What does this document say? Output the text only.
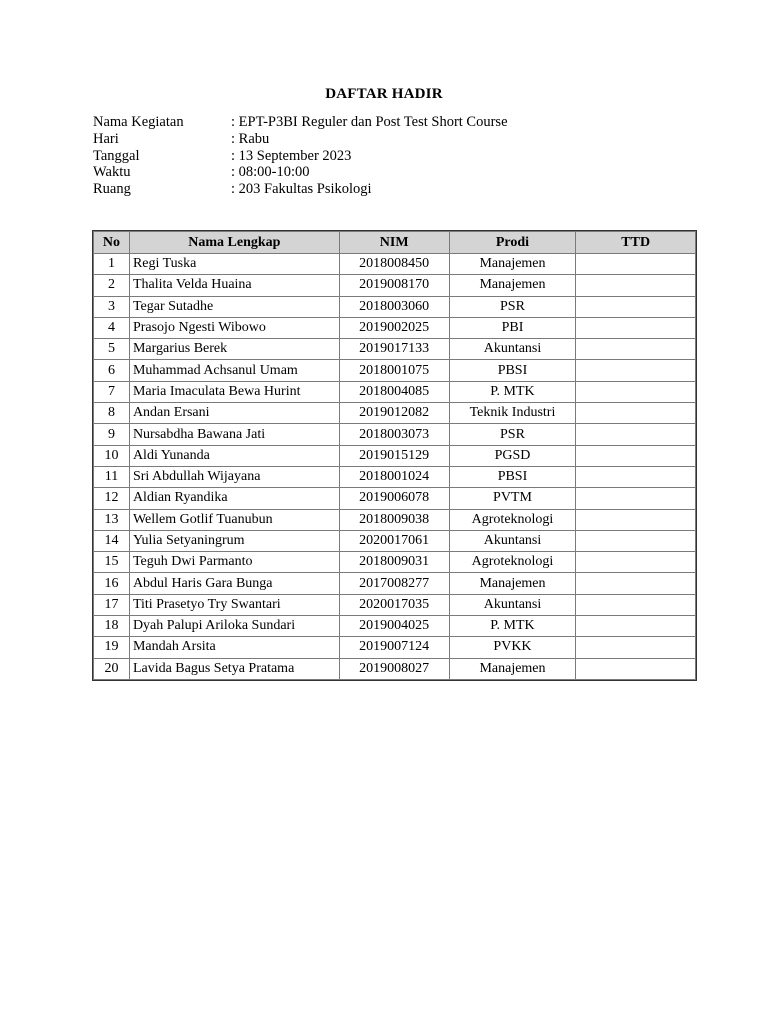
DAFTAR HADIR
Nama Kegiatan	: EPT-P3BI Reguler dan Post Test Short Course
Hari	: Rabu
Tanggal	: 13 September 2023
Waktu	: 08:00-10:00
Ruang	: 203 Fakultas Psikologi
No	Nama Lengkap	NIM	Prodi	TTD
1	Regi Tuska	2018008450	Manajemen	
2	Thalita Velda Huaina	2019008170	Manajemen	
3	Tegar Sutadhe	2018003060	PSR	
4	Prasojo Ngesti Wibowo	2019002025	PBI	
5	Margarius Berek	2019017133	Akuntansi	
6	Muhammad Achsanul Umam	2018001075	PBSI	
7	Maria Imaculata Bewa Hurint	2018004085	P. MTK	
8	Andan Ersani	2019012082	Teknik Industri	
9	Nursabdha Bawana Jati	2018003073	PSR	
10	Aldi Yunanda	2019015129	PGSD	
11	Sri Abdullah Wijayana	2018001024	PBSI	
12	Aldian Ryandika	2019006078	PVTM	
13	Wellem Gotlif Tuanubun	2018009038	Agroteknologi	
14	Yulia Setyaningrum	2020017061	Akuntansi	
15	Teguh Dwi Parmanto	2018009031	Agroteknologi	
16	Abdul Haris Gara Bunga	2017008277	Manajemen	
17	Titi Prasetyo Try Swantari	2020017035	Akuntansi	
18	Dyah Palupi Ariloka Sundari	2019004025	P. MTK	
19	Mandah Arsita	2019007124	PVKK	
20	Lavida Bagus Setya Pratama	2019008027	Manajemen	
